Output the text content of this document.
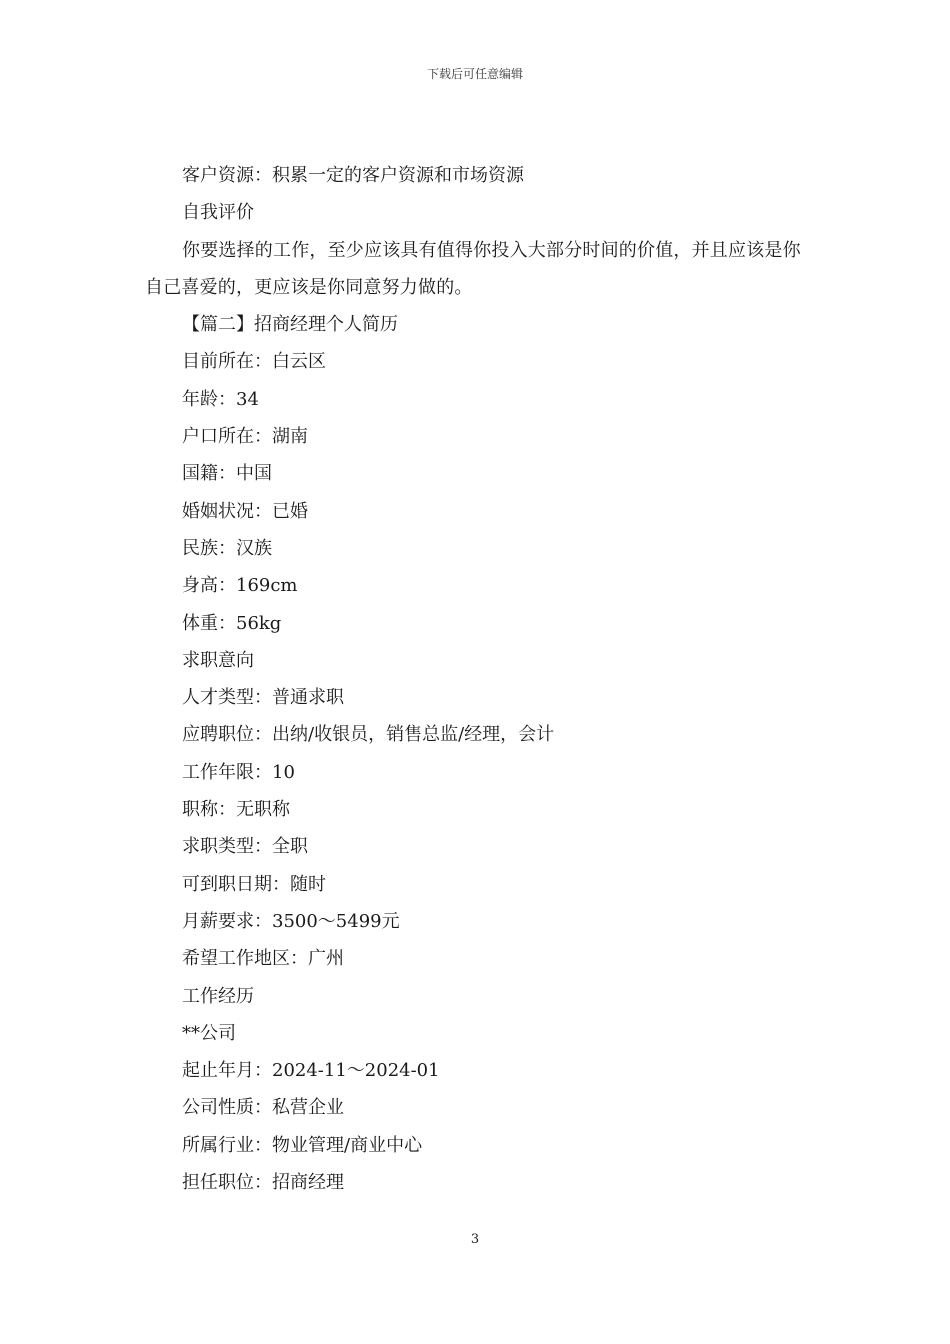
下载后可任意编辑
客户资源：积累一定的客户资源和市场资源
自我评价
你要选择的工作，至少应该具有值得你投入大部分时间的价值，并且应该是你自己喜爱的，更应该是你同意努力做的。
【篇二】招商经理个人简历
目前所在：白云区
年龄：34
户口所在：湖南
国籍：中国
婚姻状况：已婚
民族：汉族
身高：169cm
体重：56kg
求职意向
人才类型：普通求职
应聘职位：出纳/收银员，销售总监/经理，会计
工作年限：10
职称：无职称
求职类型：全职
可到职日期：随时
月薪要求：3500～5499元
希望工作地区：广州
工作经历
**公司
起止年月：2024-11～2024-01
公司性质：私营企业
所属行业：物业管理/商业中心
担任职位：招商经理
3
